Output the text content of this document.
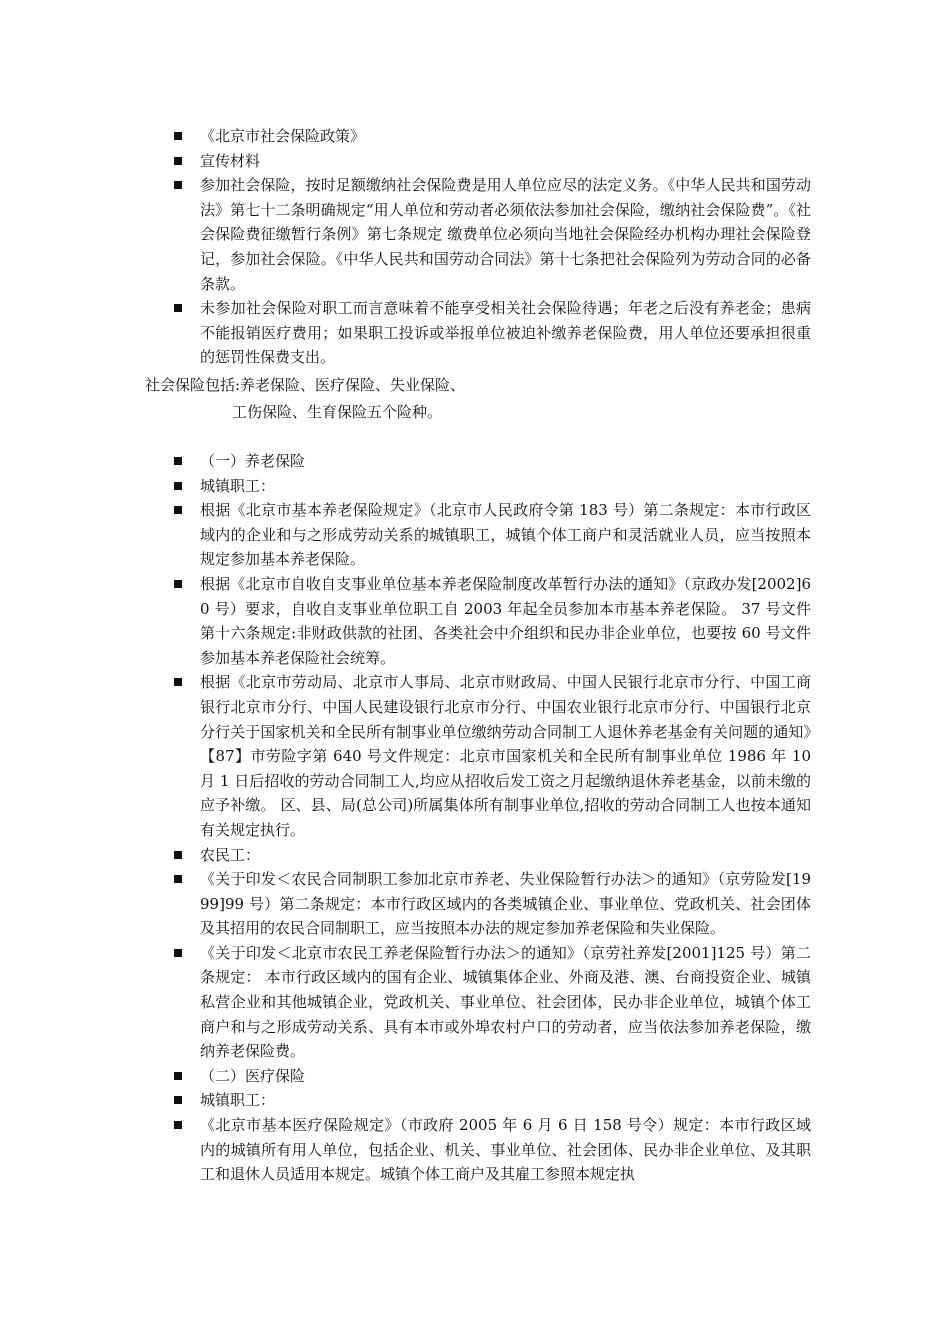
《北京市社会保险政策》
宣传材料
参加社会保险，按时足额缴纳社会保险费是用人单位应尽的法定义务。《中华人民共和国劳动法》第七十二条明确规定“用人单位和劳动者必须依法参加社会保险，缴纳社会保险费”。《社会保险费征缴暂行条例》第七条规定 缴费单位必须向当地社会保险经办机构办理社会保险登记，参加社会保险。《中华人民共和国劳动合同法》第十七条把社会保险列为劳动合同的必备条款。
未参加社会保险对职工而言意味着不能享受相关社会保险待遇；年老之后没有养老金；患病不能报销医疗费用；如果职工投诉或举报单位被迫补缴养老保险费，用人单位还要承担很重的惩罚性保费支出。
社会保险包括:养老保险、医疗保险、失业保险、
工伤保险、生育保险五个险种。
（一）养老保险
城镇职工：
根据《北京市基本养老保险规定》（北京市人民政府令第 183 号）第二条规定：本市行政区域内的企业和与之形成劳动关系的城镇职工，城镇个体工商户和灵活就业人员，应当按照本规定参加基本养老保险。
根据《北京市自收自支事业单位基本养老保险制度改革暂行办法的通知》（京政办发[2002]60 号）要求，自收自支事业单位职工自 2003 年起全员参加本市基本养老保险。 37 号文件第十六条规定:非财政供款的社团、各类社会中介组织和民办非企业单位，也要按 60 号文件参加基本养老保险社会统筹。
根据《北京市劳动局、北京市人事局、北京市财政局、中国人民银行北京市分行、中国工商银行北京市分行、中国人民建设银行北京市分行、中国农业银行北京市分行、中国银行北京分行关于国家机关和全民所有制事业单位缴纳劳动合同制工人退休养老基金有关问题的通知》【87】市劳险字第 640 号文件规定：北京市国家机关和全民所有制事业单位 1986 年 10 月 1 日后招收的劳动合同制工人,均应从招收后发工资之月起缴纳退休养老基金，以前未缴的应予补缴。 区、县、局(总公司)所属集体所有制事业单位,招收的劳动合同制工人也按本通知有关规定执行。
农民工：
《关于印发＜农民合同制职工参加北京市养老、失业保险暂行办法＞的通知》（京劳险发[1999]99 号）第二条规定：本市行政区域内的各类城镇企业、事业单位、党政机关、社会团体及其招用的农民合同制职工，应当按照本办法的规定参加养老保险和失业保险。
《关于印发＜北京市农民工养老保险暂行办法＞的通知》（京劳社养发[2001]125 号）第二条规定： 本市行政区域内的国有企业、城镇集体企业、外商及港、澳、台商投资企业、城镇私营企业和其他城镇企业，党政机关、事业单位、社会团体，民办非企业单位，城镇个体工商户和与之形成劳动关系、具有本市或外埠农村户口的劳动者，应当依法参加养老保险，缴纳养老保险费。
（二）医疗保险
城镇职工：
《北京市基本医疗保险规定》（市政府 2005 年 6 月 6 日 158 号令）规定：本市行政区域内的城镇所有用人单位，包括企业、机关、事业单位、社会团体、民办非企业单位、及其职工和退休人员适用本规定。城镇个体工商户及其雇工参照本规定执
